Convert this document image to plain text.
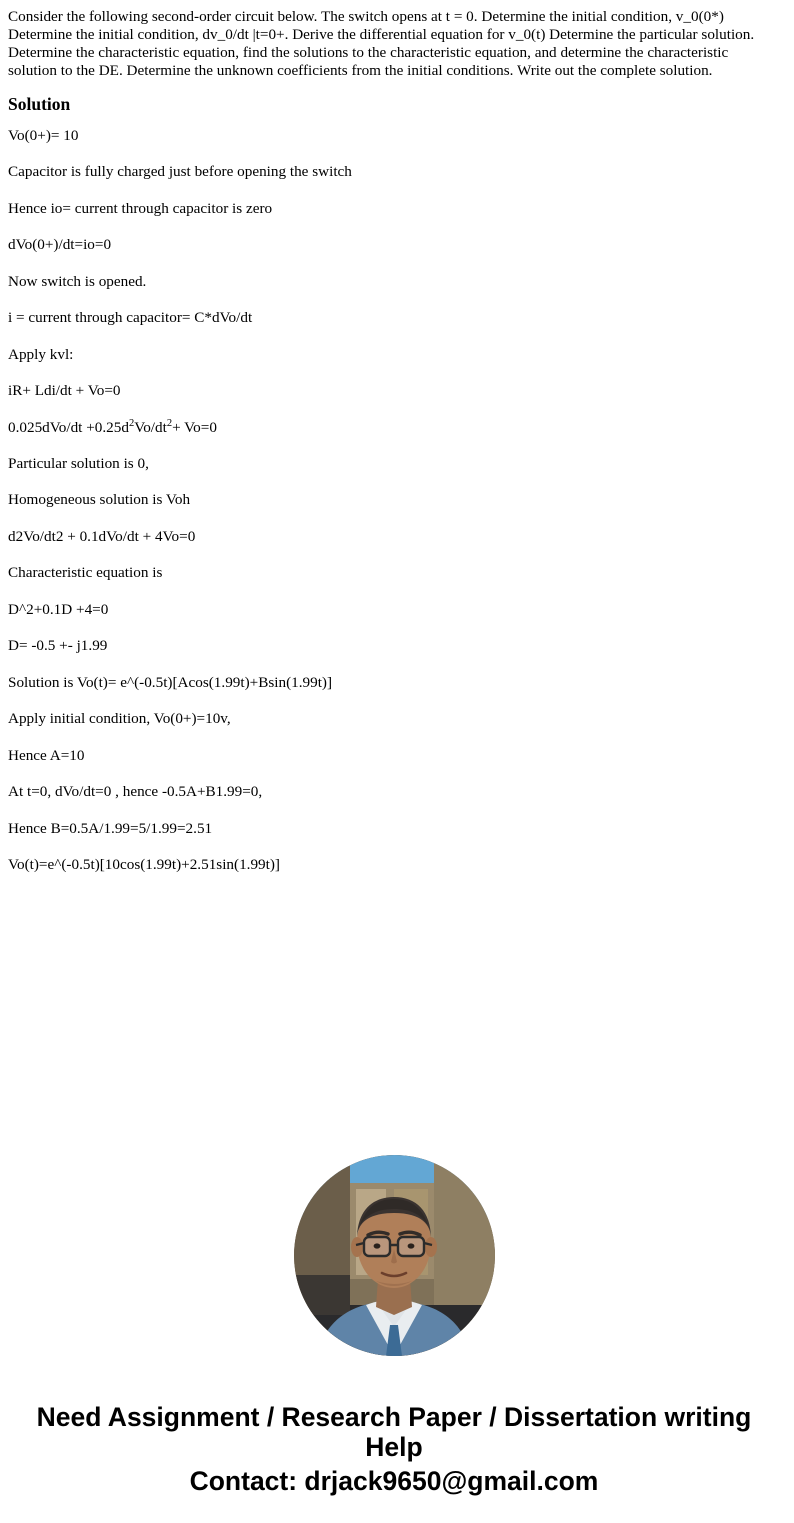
Consider the following second-order circuit below. The switch opens at t = 0. Determine the initial condition, v_0(0*) Determine the initial condition, dv_0/dt |t=0+. Derive the differential equation for v_0(t) Determine the particular solution. Determine the characteristic equation, find the solutions to the characteristic equation, and determine the characteristic solution to the DE. Determine the unknown coefficients from the initial conditions. Write out the complete solution.

Solution

Vo(0+)= 10

Capacitor is fully charged just before opening the switch

Hence io= current through capacitor is zero

dVo(0+)/dt=io=0

Now switch is opened.

i = current through capacitor= C*dVo/dt

Apply kvl:

iR+ Ldi/dt + Vo=0

$0.025dVo/dt +0.25d^2Vo/dt^2+ Vo=0$

Particular solution is 0,

Homogeneous solution is Voh

d2Vo/dt2 + 0.1dVo/dt + 4Vo=0

Characteristic equation is

D^2+0.1D +4=0

D= -0.5 +- j1.99

Solution is Vo(t)= e^(-0.5t)[Acos(1.99t)+Bsin(1.99t)]

Apply initial condition, Vo(0+)=10v,

Hence A=10

At t=0, dVo/dt=0 , hence -0.5A+B1.99=0,

Hence B=0.5A/1.99=5/1.99=2.51

Vo(t)=e^(-0.5t)[10cos(1.99t)+2.51sin(1.99t)]

Need Assignment / Research Paper / Dissertation writing Help
Contact: drjack9650@gmail.com
